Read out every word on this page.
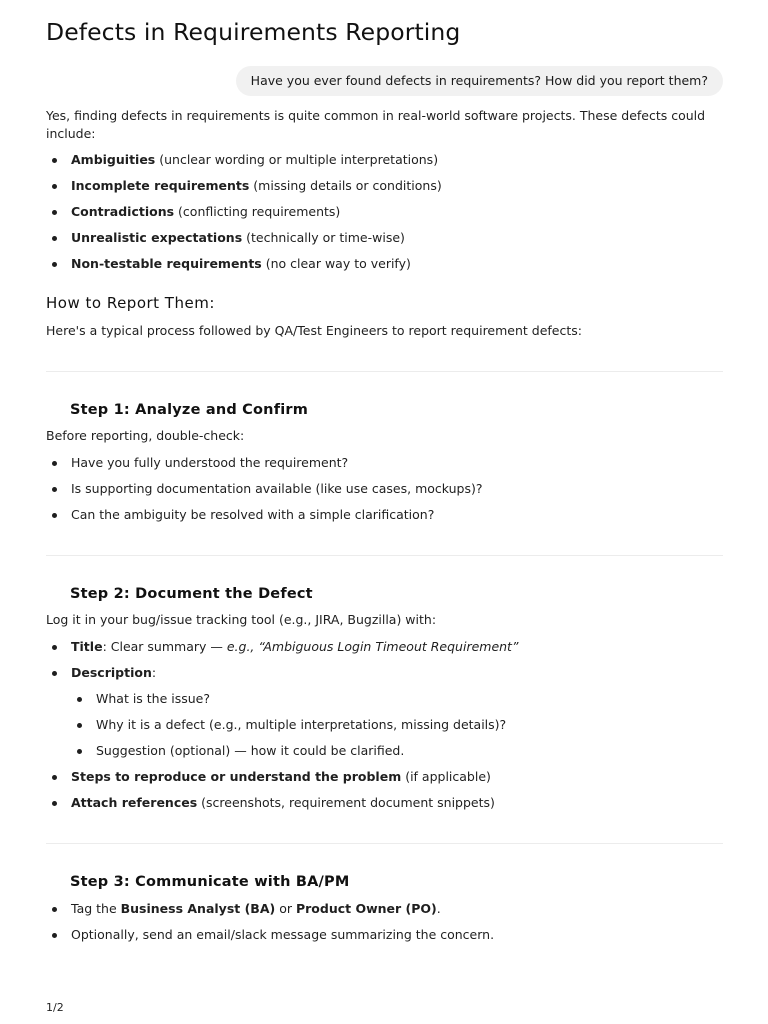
Defects in Requirements Reporting
Have you ever found defects in requirements? How did you report them?

Yes, finding defects in requirements is quite common in real-world software projects. These defects could include:

Ambiguities (unclear wording or multiple interpretations)
Incomplete requirements (missing details or conditions)
Contradictions (conflicting requirements)
Unrealistic expectations (technically or time-wise)
Non-testable requirements (no clear way to verify)
How to Report Them:

Here's a typical process followed by QA/Test Engineers to report requirement defects:

Step 1: Analyze and Confirm

Before reporting, double-check:

Have you fully understood the requirement?
Is supporting documentation available (like use cases, mockups)?
Can the ambiguity be resolved with a simple clarification?
Step 2: Document the Defect

Log it in your bug/issue tracking tool (e.g., JIRA, Bugzilla) with:

Title: Clear summary — e.g., “Ambiguous Login Timeout Requirement”
Description:
What is the issue?
Why it is a defect (e.g., multiple interpretations, missing details)?
Suggestion (optional) — how it could be clarified.
Steps to reproduce or understand the problem (if applicable)
Attach references (screenshots, requirement document snippets)
Step 3: Communicate with BA/PM
Tag the Business Analyst (BA) or Product Owner (PO).
Optionally, send an email/slack message summarizing the concern.
1/2
